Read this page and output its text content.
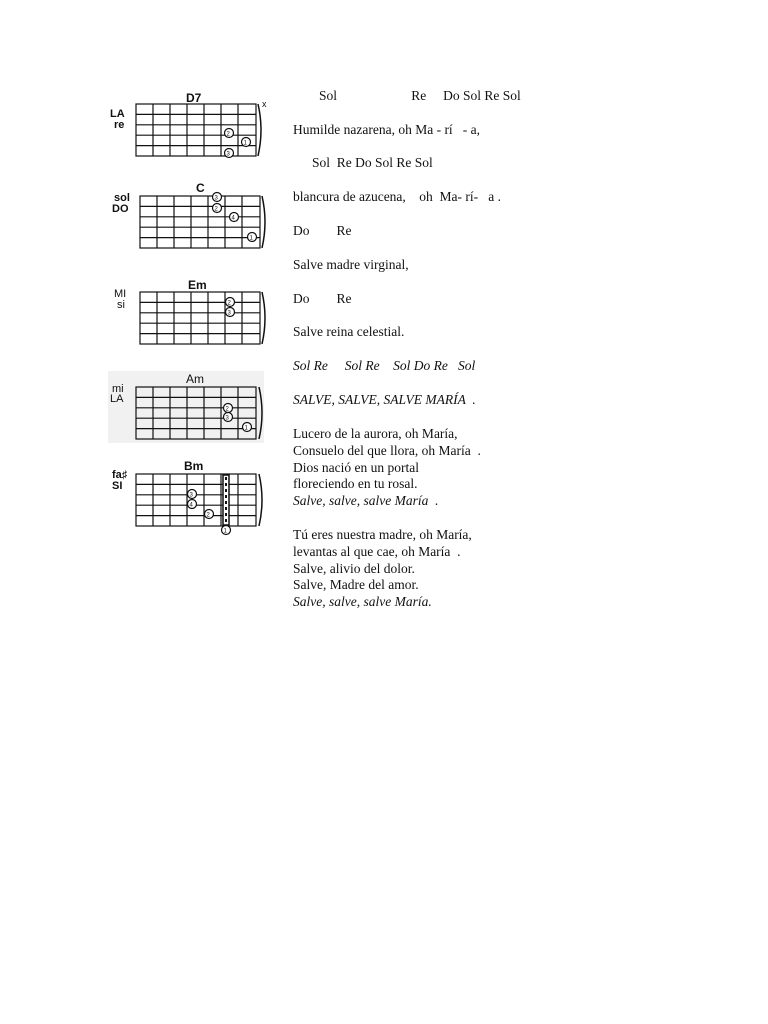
D7
LA
re
x
2
1
3
C
sol
DO
3
2
4
1
Em
MI
si	2
3
Am
mi
LA
2
3
1
Bm
fa♯
SI
3
4
2
1
Sol                      Re     Do Sol Re Sol
Humilde nazarena, oh Ma - rí   - a,
Sol  Re Do Sol Re Sol
blancura de azucena,    oh  Ma- rí-   a .
Do        Re
Salve madre virginal,
Do        Re
Salve reina celestial.
Sol Re     Sol Re    Sol Do Re   Sol
SALVE, SALVE, SALVE MARÍA  .
Lucero de la aurora, oh María,
Consuelo del que llora, oh María  .
Dios nació en un portal
floreciendo en tu rosal.
Salve, salve, salve María  .
Tú eres nuestra madre, oh María,
levantas al que cae, oh María  .
Salve, alivio del dolor.
Salve, Madre del amor.
Salve, salve, salve María.
